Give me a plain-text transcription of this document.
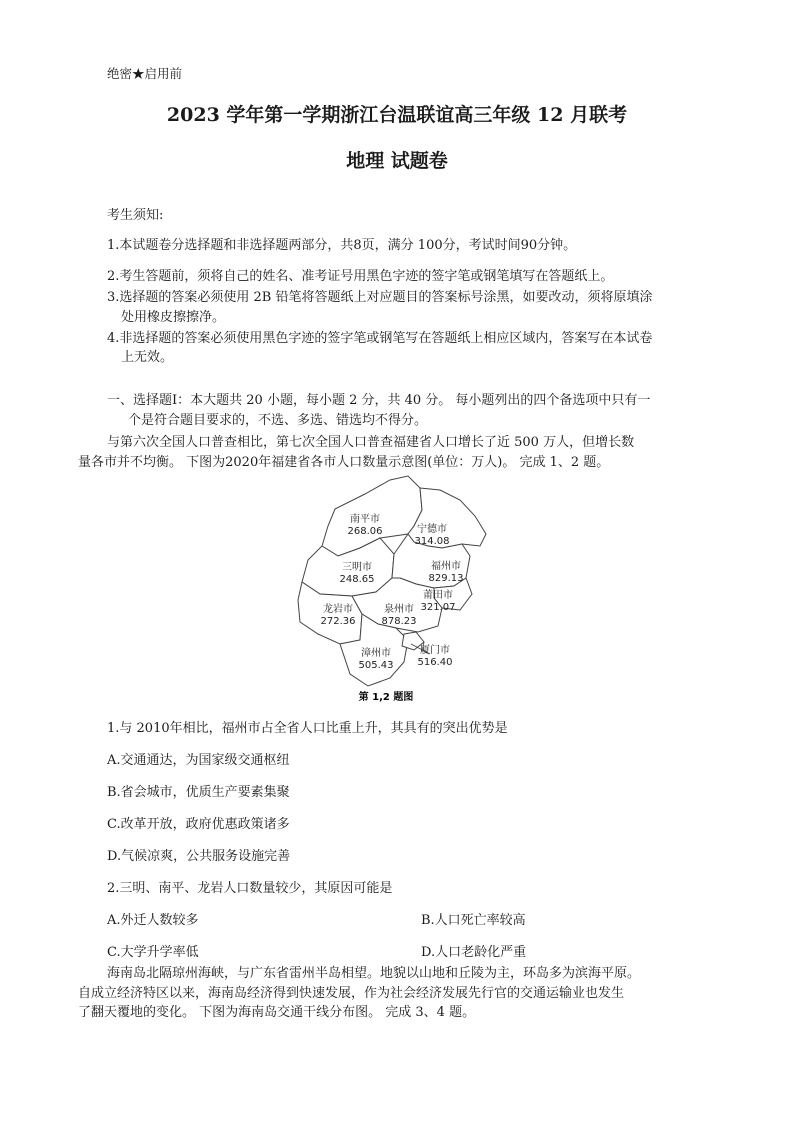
绝密★启用前
2023 学年第一学期浙江台温联谊高三年级 12 月联考
地理 试题卷
考生须知:
1.本试题卷分选择题和非选择题两部分，共8页，满分 100分，考试时间90分钟。
2.考生答题前，须将自己的姓名、准考证号用黑色字迹的签字笔或钢笔填写在答题纸上。
3.选择题的答案必须使用 2B 铅笔将答题纸上对应题目的答案标号涂黑，如要改动，须将原填涂
处用橡皮擦擦净。
4.非选择题的答案必须使用黑色字迹的签字笔或钢笔写在答题纸上相应区域内，答案写在本试卷
上无效。
一、选择题Ⅰ：本大题共 20 小题，每小题 2 分，共 40 分。 每小题列出的四个备选项中只有一
个是符合题目要求的，不选、多选、错选均不得分。
与第六次全国人口普查相比，第七次全国人口普查福建省人口增长了近 500 万人，但增长数
量各市并不均衡。 下图为2020年福建省各市人口数量示意图(单位：万人)。 完成 1、2 题。
南平市
268.06	宁德市
314.08
三明市
248.65
福州市
829.13
龙岩市
272.36
泉州市
878.23
莆田市
321.07
漳州市
505.43
厦门市
516.40
第 1,2 题图
1.与 2010年相比，福州市占全省人口比重上升，其具有的突出优势是
A.交通通达，为国家级交通枢纽
B.省会城市，优质生产要素集聚
C.改革开放，政府优惠政策诸多
D.气候凉爽，公共服务设施完善
2.三明、南平、龙岩人口数量较少，其原因可能是
A.外迁人数较多	B.人口死亡率较高
C.大学升学率低	D.人口老龄化严重
海南岛北隔琼州海峡，与广东省雷州半岛相望。地貌以山地和丘陵为主，环岛多为滨海平原。
自成立经济特区以来，海南岛经济得到快速发展，作为社会经济发展先行官的交通运输业也发生
了翻天覆地的变化。 下图为海南岛交通干线分布图。 完成 3、4 题。
